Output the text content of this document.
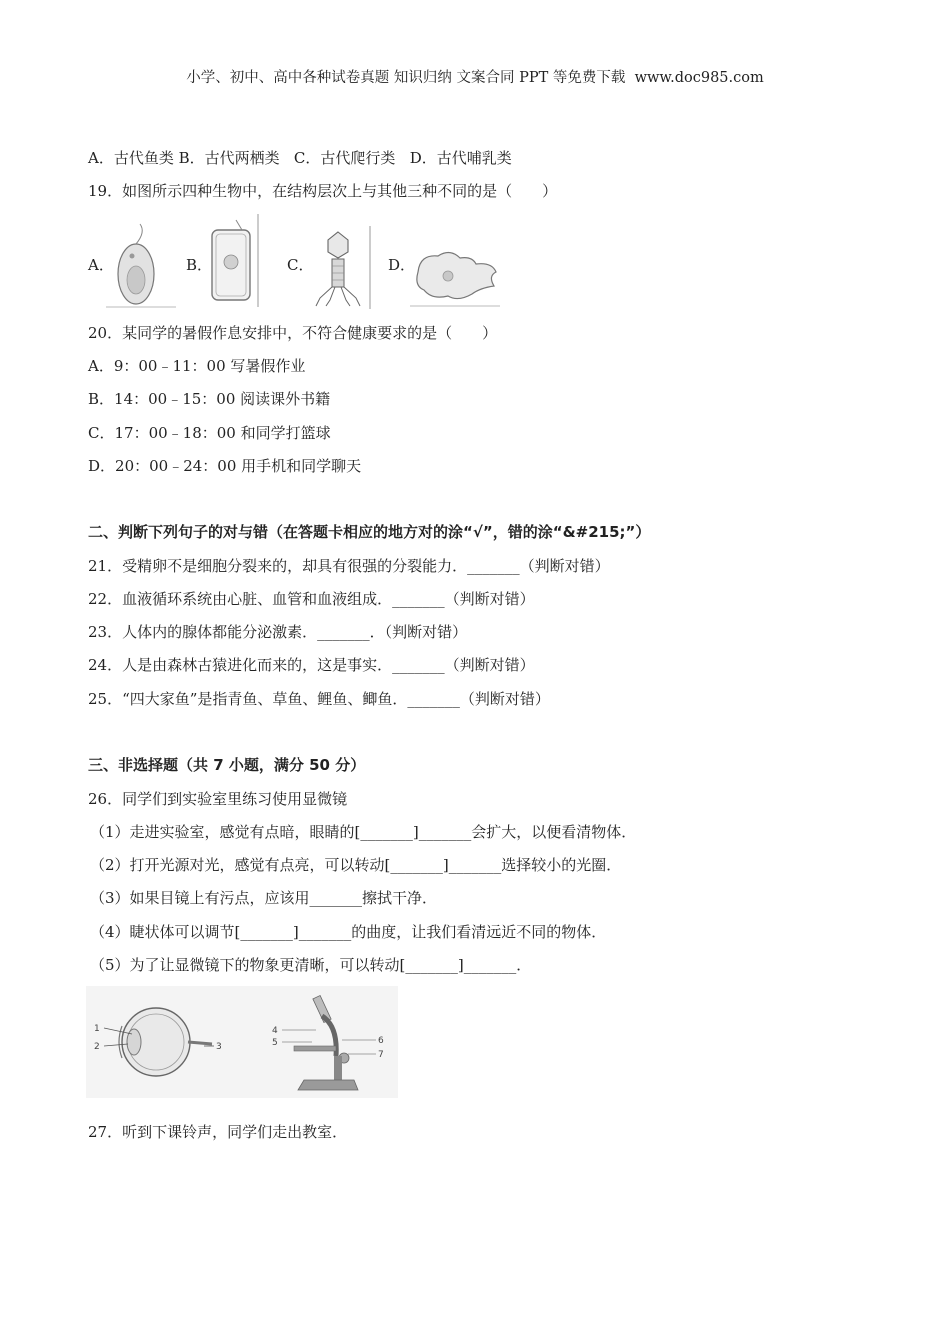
小学、初中、高中各种试卷真题 知识归纳 文案合同 PPT 等免费下载  www.doc985.com
A．古代鱼类 B．古代两栖类   C．古代爬行类   D．古代哺乳类
19．如图所示四种生物中，在结构层次上与其他三种不同的是（　　）
A．	B．	C．	D．
20．某同学的暑假作息安排中，不符合健康要求的是（　　）
A．9：00﹣11：00 写暑假作业
B．14：00﹣15：00 阅读课外书籍
C．17：00﹣18：00 和同学打篮球
D．20：00﹣24：00 用手机和同学聊天
二、判断下列句子的对与错（在答题卡相应的地方对的涂“√”，错的涂“&#215;”）
21．受精卵不是细胞分裂来的，却具有很强的分裂能力．_______（判断对错）
22．血液循环系统由心脏、血管和血液组成．_______（判断对错）
23．人体内的腺体都能分泌激素．_______．（判断对错）
24．人是由森林古猿进化而来的，这是事实．_______（判断对错）
25．“四大家鱼”是指青鱼、草鱼、鲤鱼、鲫鱼．_______（判断对错）
三、非选择题（共 7 小题，满分 50 分）
26．同学们到实验室里练习使用显微镜
（1）走进实验室，感觉有点暗，眼睛的[_______]_______会扩大，以便看清物体．
（2）打开光源对光，感觉有点亮，可以转动[_______]_______选择较小的光圈．
（3）如果目镜上有污点，应该用_______擦拭干净．
（4）睫状体可以调节[_______]_______的曲度，让我们看清远近不同的物体．
（5）为了让显微镜下的物象更清晰，可以转动[_______]_______．
1
2	3
4
5	6
7
27．听到下课铃声，同学们走出教室．
